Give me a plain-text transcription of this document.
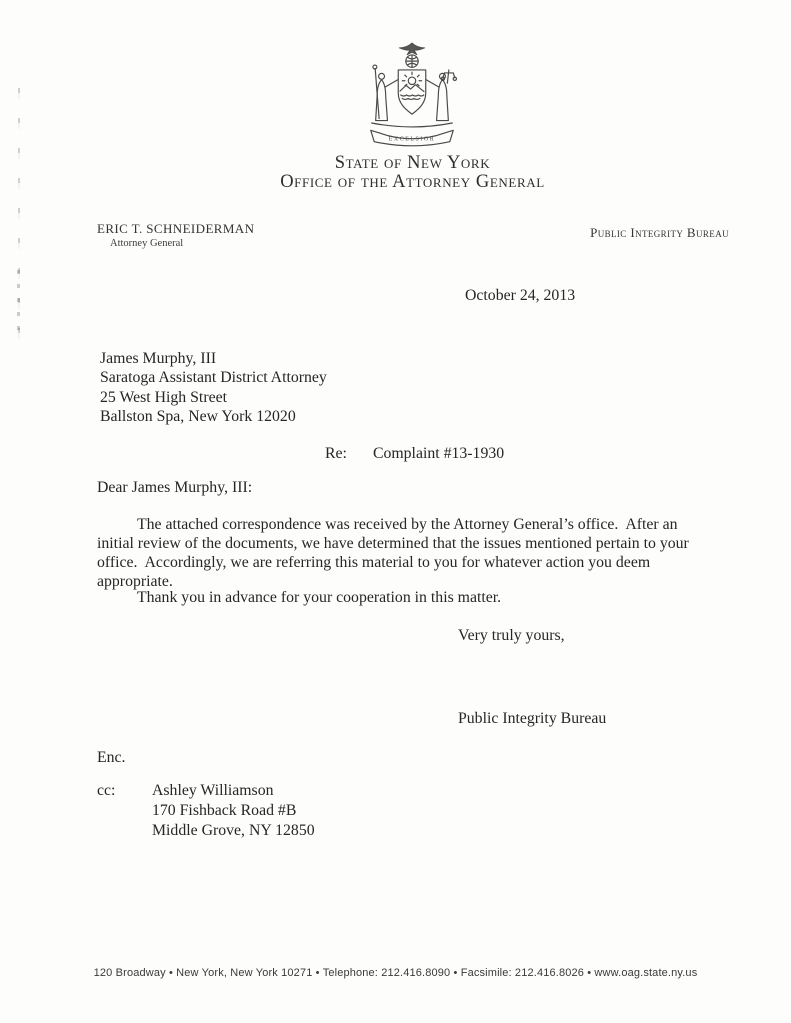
EXCELSIOR
State of New York
Office of the Attorney General
ERIC T. SCHNEIDERMAN
Attorney General
Public Integrity Bureau
October 24, 2013
James Murphy, III
Saratoga Assistant District Attorney
25 West High Street
Ballston Spa, New York 12020
Re: Complaint #13-1930
Dear James Murphy, III:
The attached correspondence was received by the Attorney General’s office.  After an initial review of the documents, we have determined that the issues mentioned pertain to your office.  Accordingly, we are referring this material to you for whatever action you deem appropriate.
Thank you in advance for your cooperation in this matter.
Very truly yours,
Public Integrity Bureau
Enc.
cc:	Ashley Williamson
170 Fishback Road #B
Middle Grove, NY 12850
120 Broadway • New York, New York 10271 • Telephone: 212.416.8090 • Facsimile: 212.416.8026 • www.oag.state.ny.us
